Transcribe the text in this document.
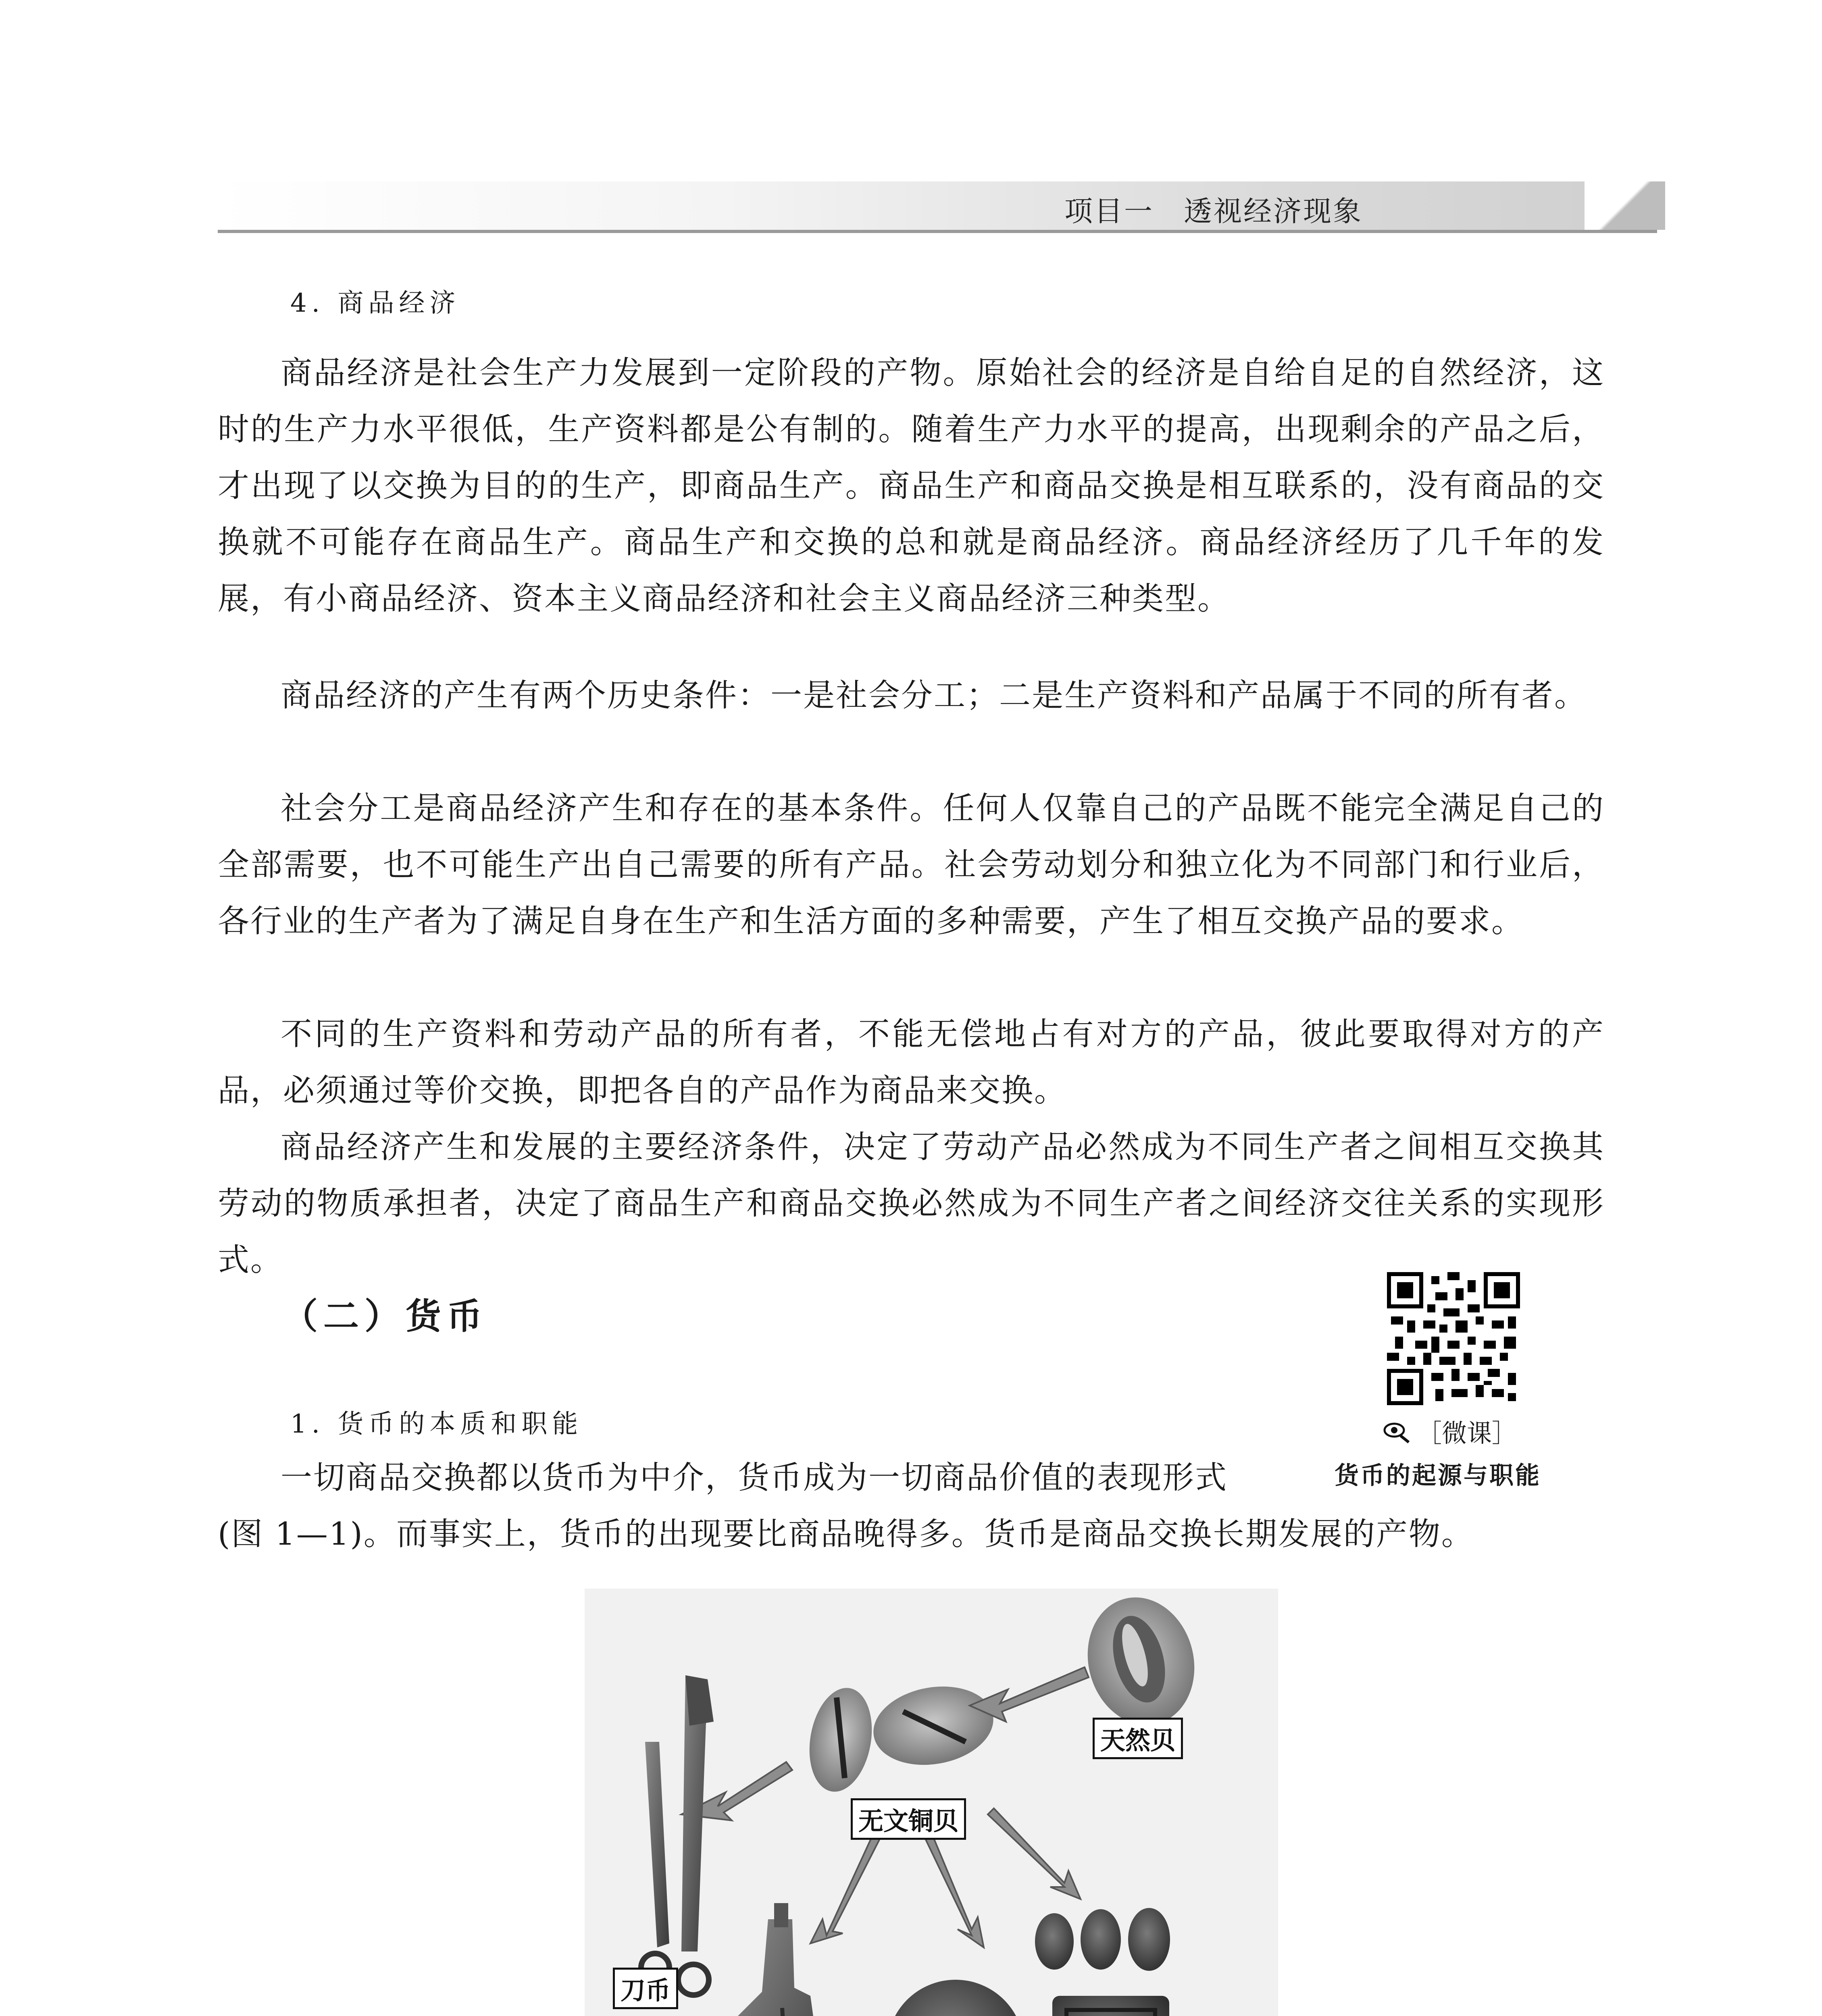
项目一　透视经济现象
4. 商品经济

商品经济是社会生产力发展到一定阶段的产物。原始社会的经济是自给自足的自然经济，这时的生产力水平很低，生产资料都是公有制的。随着生产力水平的提高，出现剩余的产品之后，才出现了以交换为目的的生产，即商品生产。商品生产和商品交换是相互联系的，没有商品的交换就不可能存在商品生产。商品生产和交换的总和就是商品经济。商品经济经历了几千年的发展，有小商品经济、资本主义商品经济和社会主义商品经济三种类型。

商品经济的产生有两个历史条件：一是社会分工；二是生产资料和产品属于不同的所有者。

社会分工是商品经济产生和存在的基本条件。任何人仅靠自己的产品既不能完全满足自己的全部需要，也不可能生产出自己需要的所有产品。社会劳动划分和独立化为不同部门和行业后，各行业的生产者为了满足自身在生产和生活方面的多种需要，产生了相互交换产品的要求。

不同的生产资料和劳动产品的所有者，不能无偿地占有对方的产品，彼此要取得对方的产品，必须通过等价交换，即把各自的产品作为商品来交换。

商品经济产生和发展的主要经济条件，决定了劳动产品必然成为不同生产者之间相互交换其劳动的物质承担者，决定了商品生产和商品交换必然成为不同生产者之间经济交往关系的实现形式。

（二）货币
［微课］
货币的起源与职能
1. 货币的本质和职能
一切商品交换都以货币为中介，货币成为一切商品价值的表现形式
(图 1—1)。而事实上，货币的出现要比商品晚得多。货币是商品交换长期发展的产物。
天然贝
无文铜贝
刀币
